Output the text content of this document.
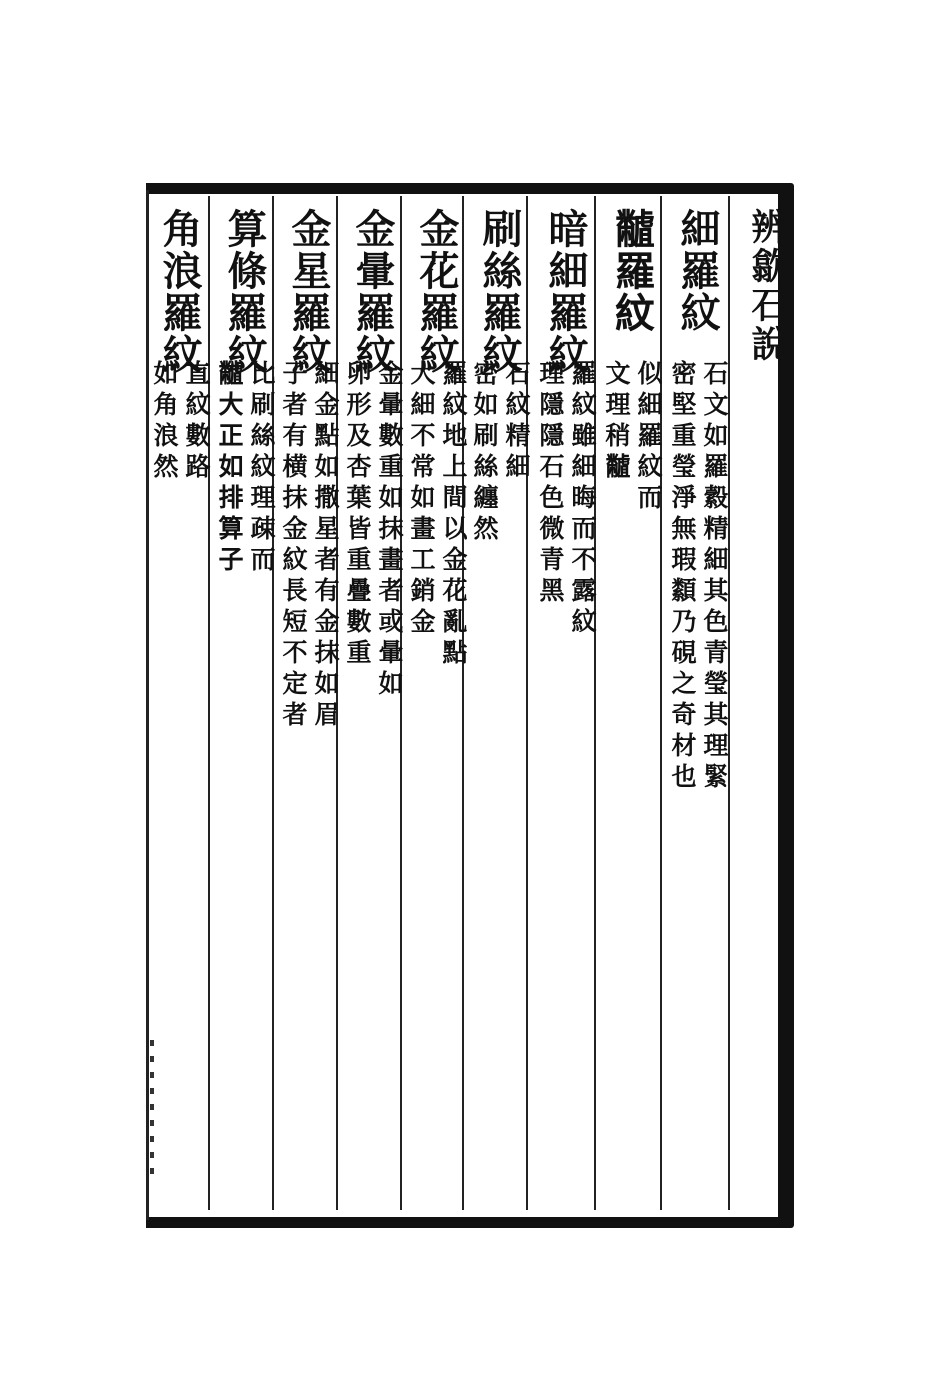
辨歙石說
細羅紋
石文如羅縠精細其色青瑩其理緊
密堅重瑩淨無瑕纇乃硯之奇材也
𪓐羅紋
似細羅紋而
文理稍𪓐
暗細羅紋
羅紋雖細晦而不露紋
理隱隱石色微青黑
刷絲羅紋
石紋精細
密如刷絲纏然
金花羅紋
羅紋地上間以金花亂點
大細不常如畫工銷金
金暈羅紋
金暈數重如抹畫者或暈如
卵形及杏葉皆重疊數重
金星羅紋
細金點如撒星者有金抹如眉
子者有横抹金紋長短不定者
算條羅紋
比刷絲紋理疎而
𪓐大正如排算子
角浪羅紋
直紋數路
如角浪然
